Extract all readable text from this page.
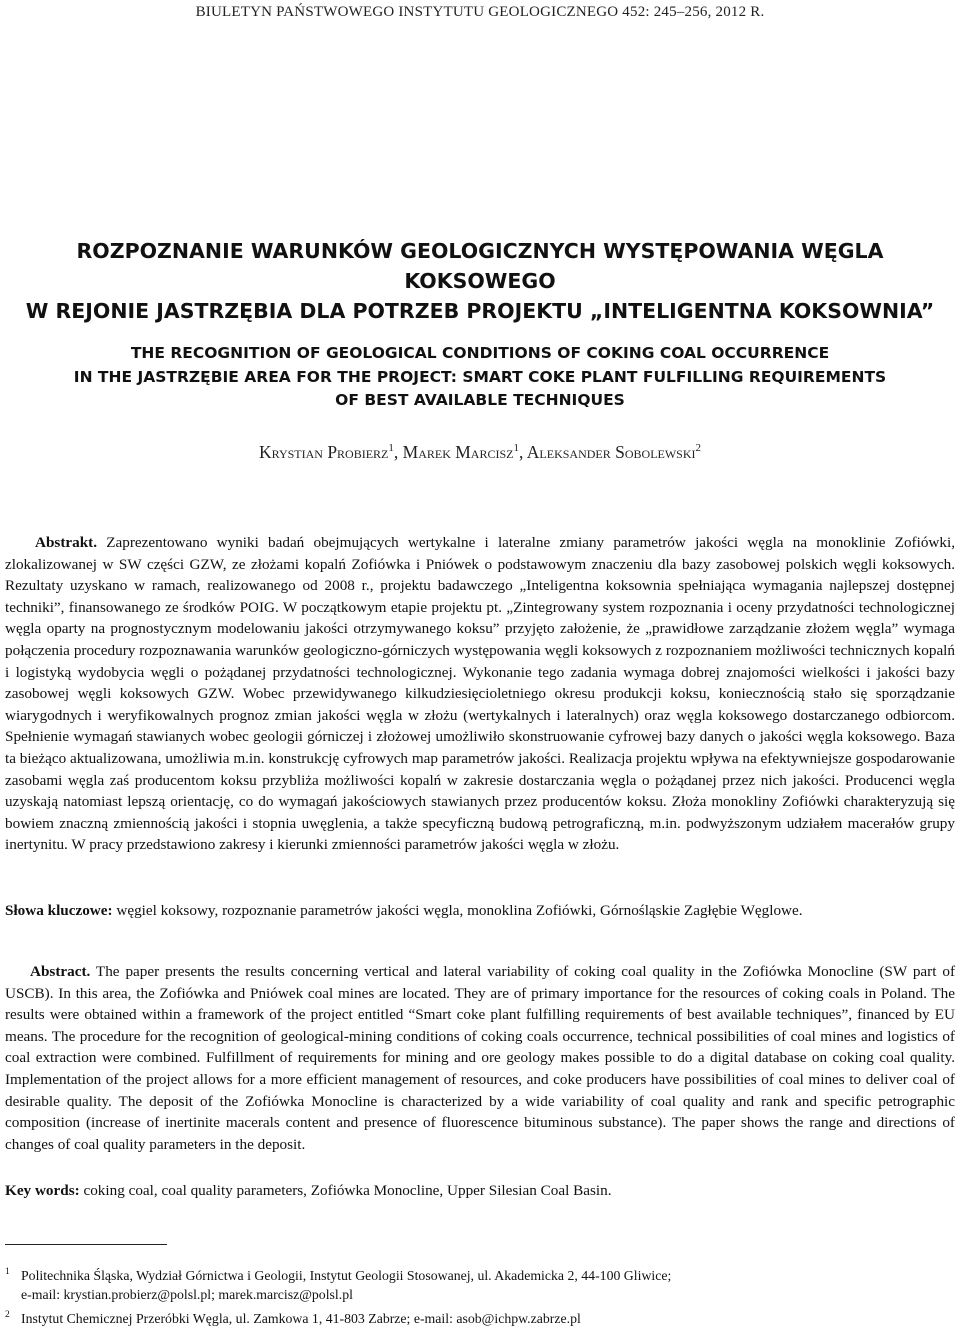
BIULETYN PAŃSTWOWEGO INSTYTUTU GEOLOGICZNEGO 452: 245–256, 2012 R.
ROZPOZNANIE WARUNKÓW GEOLOGICZNYCH WYSTĘPOWANIA WĘGLA KOKSOWEGO
W REJONIE JASTRZĘBIA DLA POTRZEB PROJEKTU „INTELIGENTNA KOKSOWNIA”
THE RECOGNITION OF GEOLOGICAL CONDITIONS OF COKING COAL OCCURRENCE
IN THE JASTRZĘBIE AREA FOR THE PROJECT: SMART COKE PLANT FULFILLING REQUIREMENTS
OF BEST AVAILABLE TECHNIQUES
Krystian Probierz$^1$, Marek Marcisz$^1$, Aleksander Sobolewski$^2$
Abstrakt. Zaprezentowano wyniki badań obejmujących wertykalne i lateralne zmiany parametrów jakości węgla na monoklinie Zofiówki, zlokalizowanej w SW części GZW, ze złożami kopalń Zofiówka i Pniówek o podstawowym znaczeniu dla bazy zasobowej polskich węgli koksowych. Rezultaty uzyskano w ramach, realizowanego od 2008 r., projektu badawczego „Inteligentna koksownia spełniająca wymagania najlepszej dostępnej techniki”, finansowanego ze środków POIG. W początkowym etapie projektu pt. „Zintegrowany system rozpoznania i oceny przydatności technologicznej węgla oparty na prognostycznym modelowaniu jakości otrzymywanego koksu” przyjęto założenie, że „prawidłowe zarządzanie złożem węgla” wymaga połączenia procedury rozpoznawania warunków geologiczno-górniczych występowania węgli koksowych z rozpoznaniem możliwości technicznych kopalń i logistyką wydobycia węgli o pożądanej przydatności technologicznej. Wykonanie tego zadania wymaga dobrej znajomości wielkości i jakości bazy zasobowej węgli koksowych GZW. Wobec przewidywanego kilkudziesięcioletniego okresu produkcji koksu, koniecznością stało się sporządzanie wiarygodnych i weryfikowalnych prognoz zmian jakości węgla w złożu (wertykalnych i lateralnych) oraz węgla koksowego dostarczanego odbiorcom. Spełnienie wymagań stawianych wobec geologii górniczej i złożowej umożliwiło skonstruowanie cyfrowej bazy danych o jakości węgla koksowego. Baza ta bieżąco aktualizowana, umożliwia m.in. konstrukcję cyfrowych map parametrów jakości. Realizacja projektu wpływa na efektywniejsze gospodarowanie zasobami węgla zaś producentom koksu przybliża możliwości kopalń w zakresie dostarczania węgla o pożądanej przez nich jakości. Producenci węgla uzyskają natomiast lepszą orientację, co do wymagań jakościowych stawianych przez producentów koksu. Złoża monokliny Zofiówki charakteryzują się bowiem znaczną zmiennością jakości i stopnia uwęglenia, a także specyficzną budową petrograficzną, m.in. podwyższonym udziałem macerałów grupy inertynitu. W pracy przedstawiono zakresy i kierunki zmienności parametrów jakości węgla w złożu.
Słowa kluczowe: węgiel koksowy, rozpoznanie parametrów jakości węgla, monoklina Zofiówki, Górnośląskie Zagłębie Węglowe.
Abstract. The paper presents the results concerning vertical and lateral variability of coking coal quality in the Zofiówka Monocline (SW part of USCB). In this area, the Zofiówka and Pniówek coal mines are located. They are of primary importance for the resources of coking coals in Poland. The results were obtained within a framework of the project entitled “Smart coke plant fulfilling requirements of best available techniques”, financed by EU means. The procedure for the recognition of geological-mining conditions of coking coals occurrence, technical possibilities of coal mines and logistics of coal extraction were combined. Fulfillment of requirements for mining and ore geology makes possible to do a digital database on coking coal quality. Implementation of the project allows for a more efficient management of resources, and coke producers have possibilities of coal mines to deliver coal of desirable quality. The deposit of the Zofiówka Monocline is characterized by a wide variability of coal quality and rank and specific petrographic composition (increase of inertinite macerals content and presence of fluorescence bituminous substance). The paper shows the range and directions of changes of coal quality parameters in the deposit.
Key words: coking coal, coal quality parameters, Zofiówka Monocline, Upper Silesian Coal Basin.
1 Politechnika Śląska, Wydział Górnictwa i Geologii, Instytut Geologii Stosowanej, ul. Akademicka 2, 44-100 Gliwice;
e-mail: krystian.probierz@polsl.pl; marek.marcisz@polsl.pl
2 Instytut Chemicznej Przeróbki Węgla, ul. Zamkowa 1, 41-803 Zabrze; e-mail: asob@ichpw.zabrze.pl
